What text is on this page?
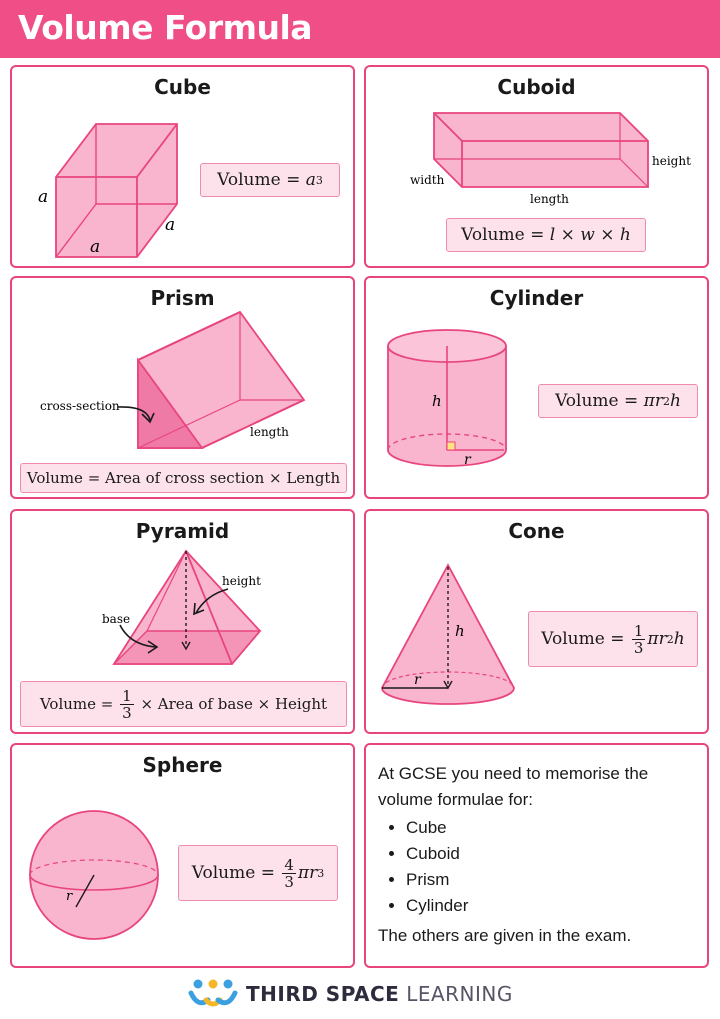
Volume Formula
Cube
a
a
a
Volume
=
a 3
Cuboid
width
length
height
Volume
=
l
×
w
×
h
Prism
cross-section
length
Volume = Area of cross section × Length
Cylinder
h
r
Volume
=
π r 2 h
Pyramid
height
base
Volume
=
$\frac{1}{3}$
× Area of base × Height
Cone
h
r
Volume
=
$\frac{1}{3}$ π r 2 h
Sphere
r
Volume
=
$\frac{4}{3}$ π r 3
At GCSE you need to memorise the volume formulae for:
• Cube
• Cuboid
• Prism
• Cylinder
The others are given in the exam.
THIRD SPACE LEARNING
